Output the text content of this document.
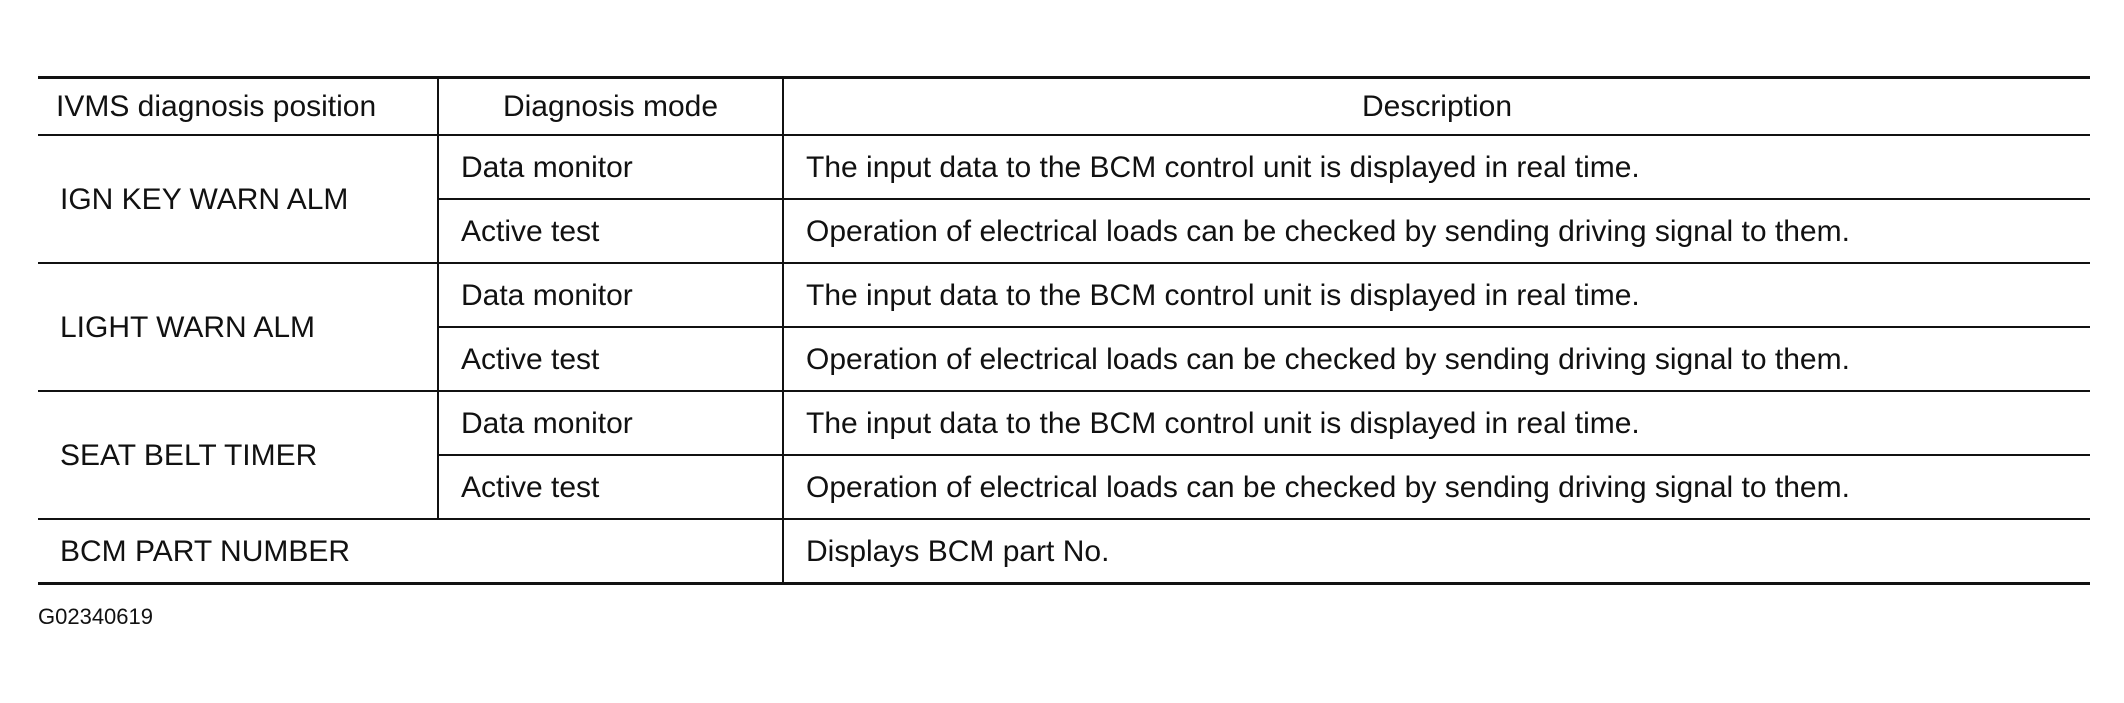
IVMS diagnosis position	Diagnosis mode	Description
IGN KEY WARN ALM	Data monitor	The input data to the BCM control unit is displayed in real time.
	Active test	Operation of electrical loads can be checked by sending driving signal to them.
LIGHT WARN ALM	Data monitor	The input data to the BCM control unit is displayed in real time.
	Active test	Operation of electrical loads can be checked by sending driving signal to them.
SEAT BELT TIMER	Data monitor	The input data to the BCM control unit is displayed in real time.
	Active test	Operation of electrical loads can be checked by sending driving signal to them.
BCM PART NUMBER		Displays BCM part No.
G02340619
